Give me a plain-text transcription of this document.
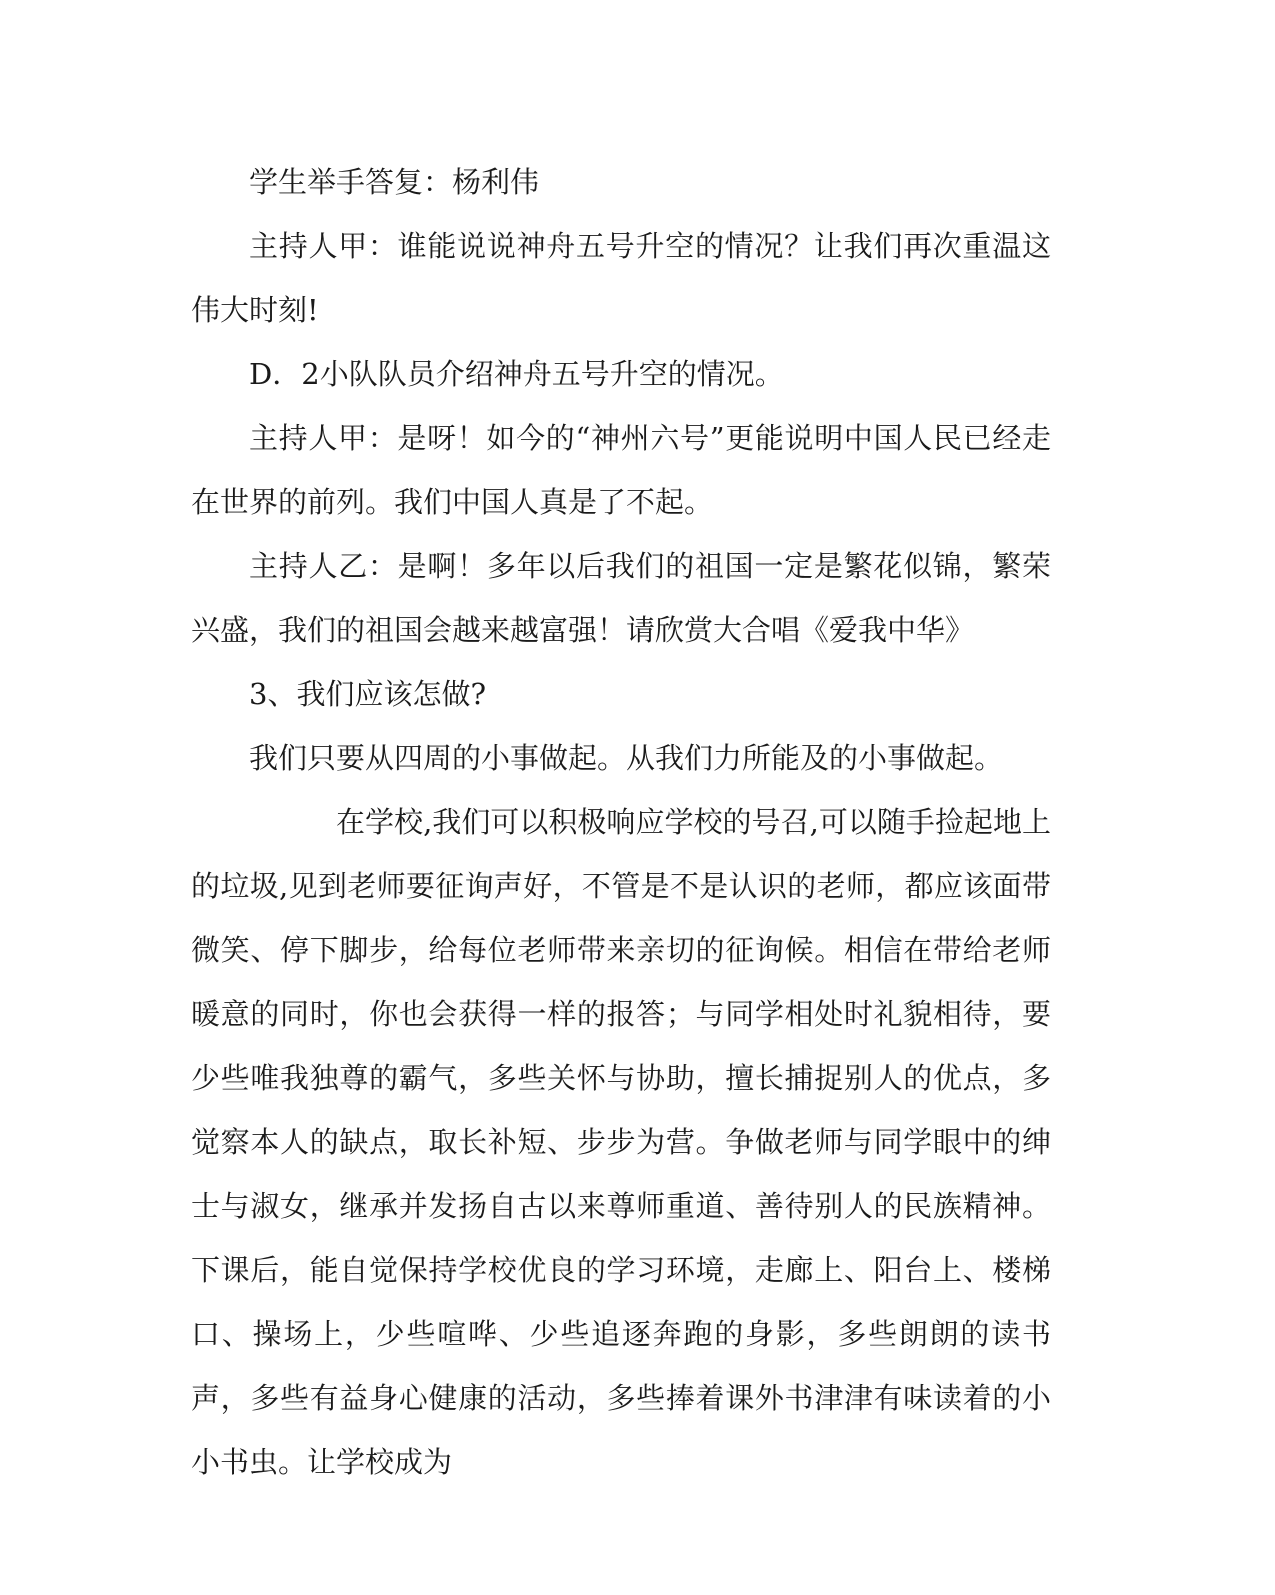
学生举手答复：杨利伟

主持人甲：谁能说说神舟五号升空的情况？让我们再次重温这伟大时刻!

D．2小队队员介绍神舟五号升空的情况。

主持人甲：是呀！如今的“神州六号”更能说明中国人民已经走在世界的前列。我们中国人真是了不起。

主持人乙：是啊！多年以后我们的祖国一定是繁花似锦，繁荣兴盛，我们的祖国会越来越富强！请欣赏大合唱《爱我中华》

3、我们应该怎做?

我们只要从四周的小事做起。从我们力所能及的小事做起。

在学校,我们可以积极响应学校的号召,可以随手捡起地上的垃圾,见到老师要征询声好，不管是不是认识的老师，都应该面带微笑、停下脚步，给每位老师带来亲切的征询候。相信在带给老师暖意的同时，你也会获得一样的报答；与同学相处时礼貌相待，要少些唯我独尊的霸气，多些关怀与协助，擅长捕捉别人的优点，多觉察本人的缺点，取长补短、步步为营。争做老师与同学眼中的绅士与淑女，继承并发扬自古以来尊师重道、善待别人的民族精神。下课后，能自觉保持学校优良的学习环境，走廊上、阳台上、楼梯口、操场上，少些喧哗、少些追逐奔跑的身影，多些朗朗的读书声，多些有益身心健康的活动，多些捧着课外书津津有味读着的小小书虫。让学校成为
